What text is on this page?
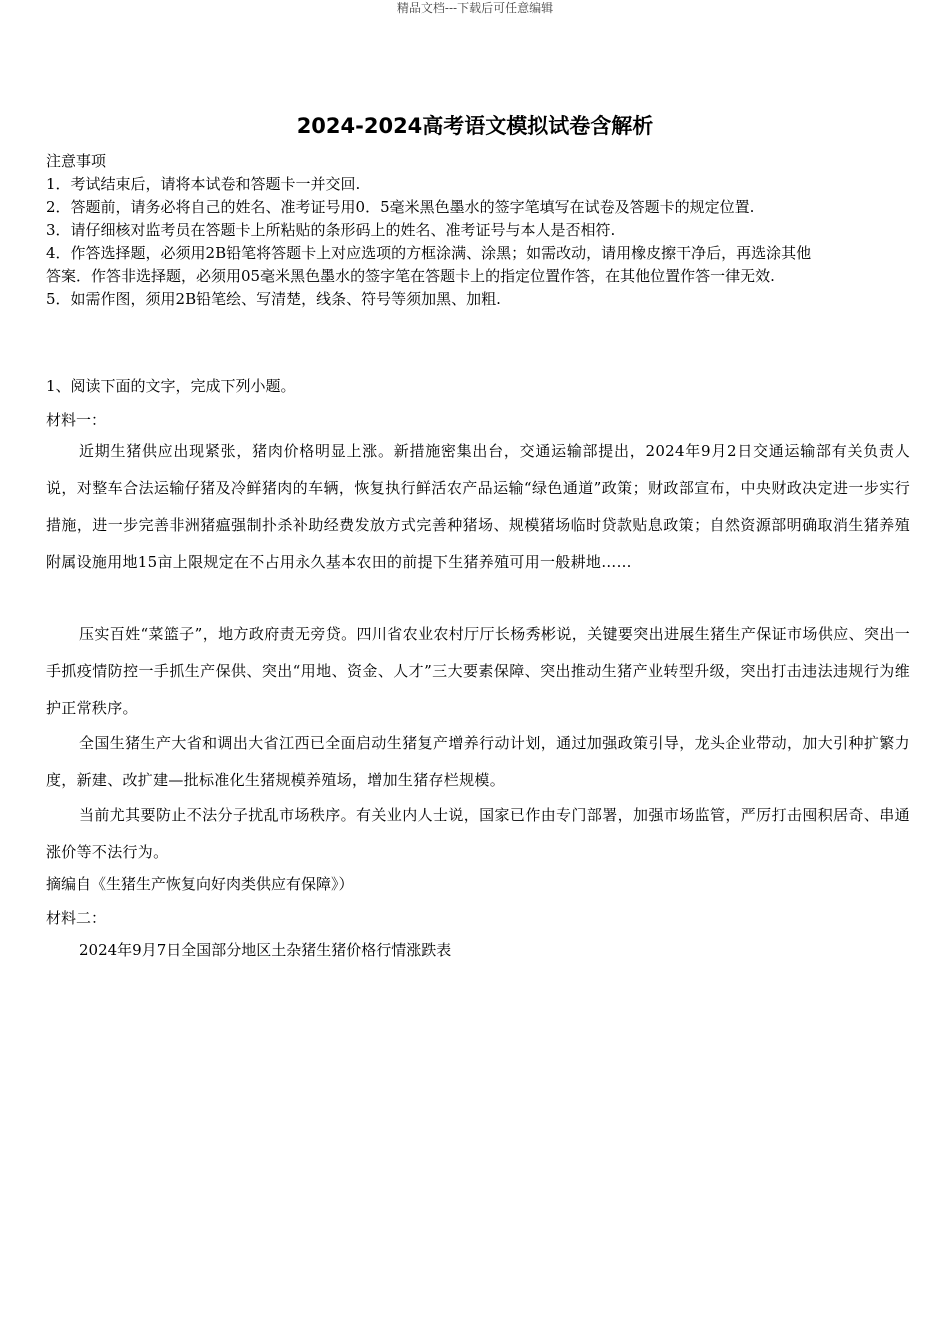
精品文档---下载后可任意编辑
2024-2024高考语文模拟试卷含解析
注意事项
1．考试结束后，请将本试卷和答题卡一并交回.
2．答题前，请务必将自己的姓名、准考证号用0．5毫米黑色墨水的签字笔填写在试卷及答题卡的规定位置.
3．请仔细核对监考员在答题卡上所粘贴的条形码上的姓名、准考证号与本人是否相符.
4．作答选择题，必须用2B铅笔将答题卡上对应选项的方框涂满、涂黑；如需改动，请用橡皮擦干净后，再选涂其他
答案．作答非选择题，必须用05毫米黑色墨水的签字笔在答题卡上的指定位置作答，在其他位置作答一律无效.
5．如需作图，须用2B铅笔绘、写清楚，线条、符号等须加黑、加粗.
1、阅读下面的文字，完成下列小题。
材料一：

近期生猪供应出现紧张，猪肉价格明显上涨。新措施密集出台，交通运输部提出，2024年9月2日交通运输部有关负责人说，对整车合法运输仔猪及冷鲜猪肉的车辆，恢复执行鲜活农产品运输“绿色通道”政策；财政部宣布，中央财政决定进一步实行措施，进一步完善非洲猪瘟强制扑杀补助经费发放方式完善种猪场、规模猪场临时贷款贴息政策；自然资源部明确取消生猪养殖附属设施用地15亩上限规定在不占用永久基本农田的前提下生猪养殖可用一般耕地……

压实百姓“菜篮子”，地方政府责无旁贷。四川省农业农村厅厅长杨秀彬说，关键要突出进展生猪生产保证市场供应、突出一手抓疫情防控一手抓生产保供、突出“用地、资金、人才”三大要素保障、突出推动生猪产业转型升级，突出打击违法违规行为维护正常秩序。

全国生猪生产大省和调出大省江西已全面启动生猪复产增养行动计划，通过加强政策引导，龙头企业带动，加大引种扩繁力度，新建、改扩建—批标准化生猪规模养殖场，增加生猪存栏规模。

当前尤其要防止不法分子扰乱市场秩序。有关业内人士说，国家已作由专门部署，加强市场监管，严厉打击囤积居奇、串通涨价等不法行为。

摘编自《生猪生产恢复向好肉类供应有保障》）
材料二：
2024年9月7日全国部分地区土杂猪生猪价格行情涨跌表
